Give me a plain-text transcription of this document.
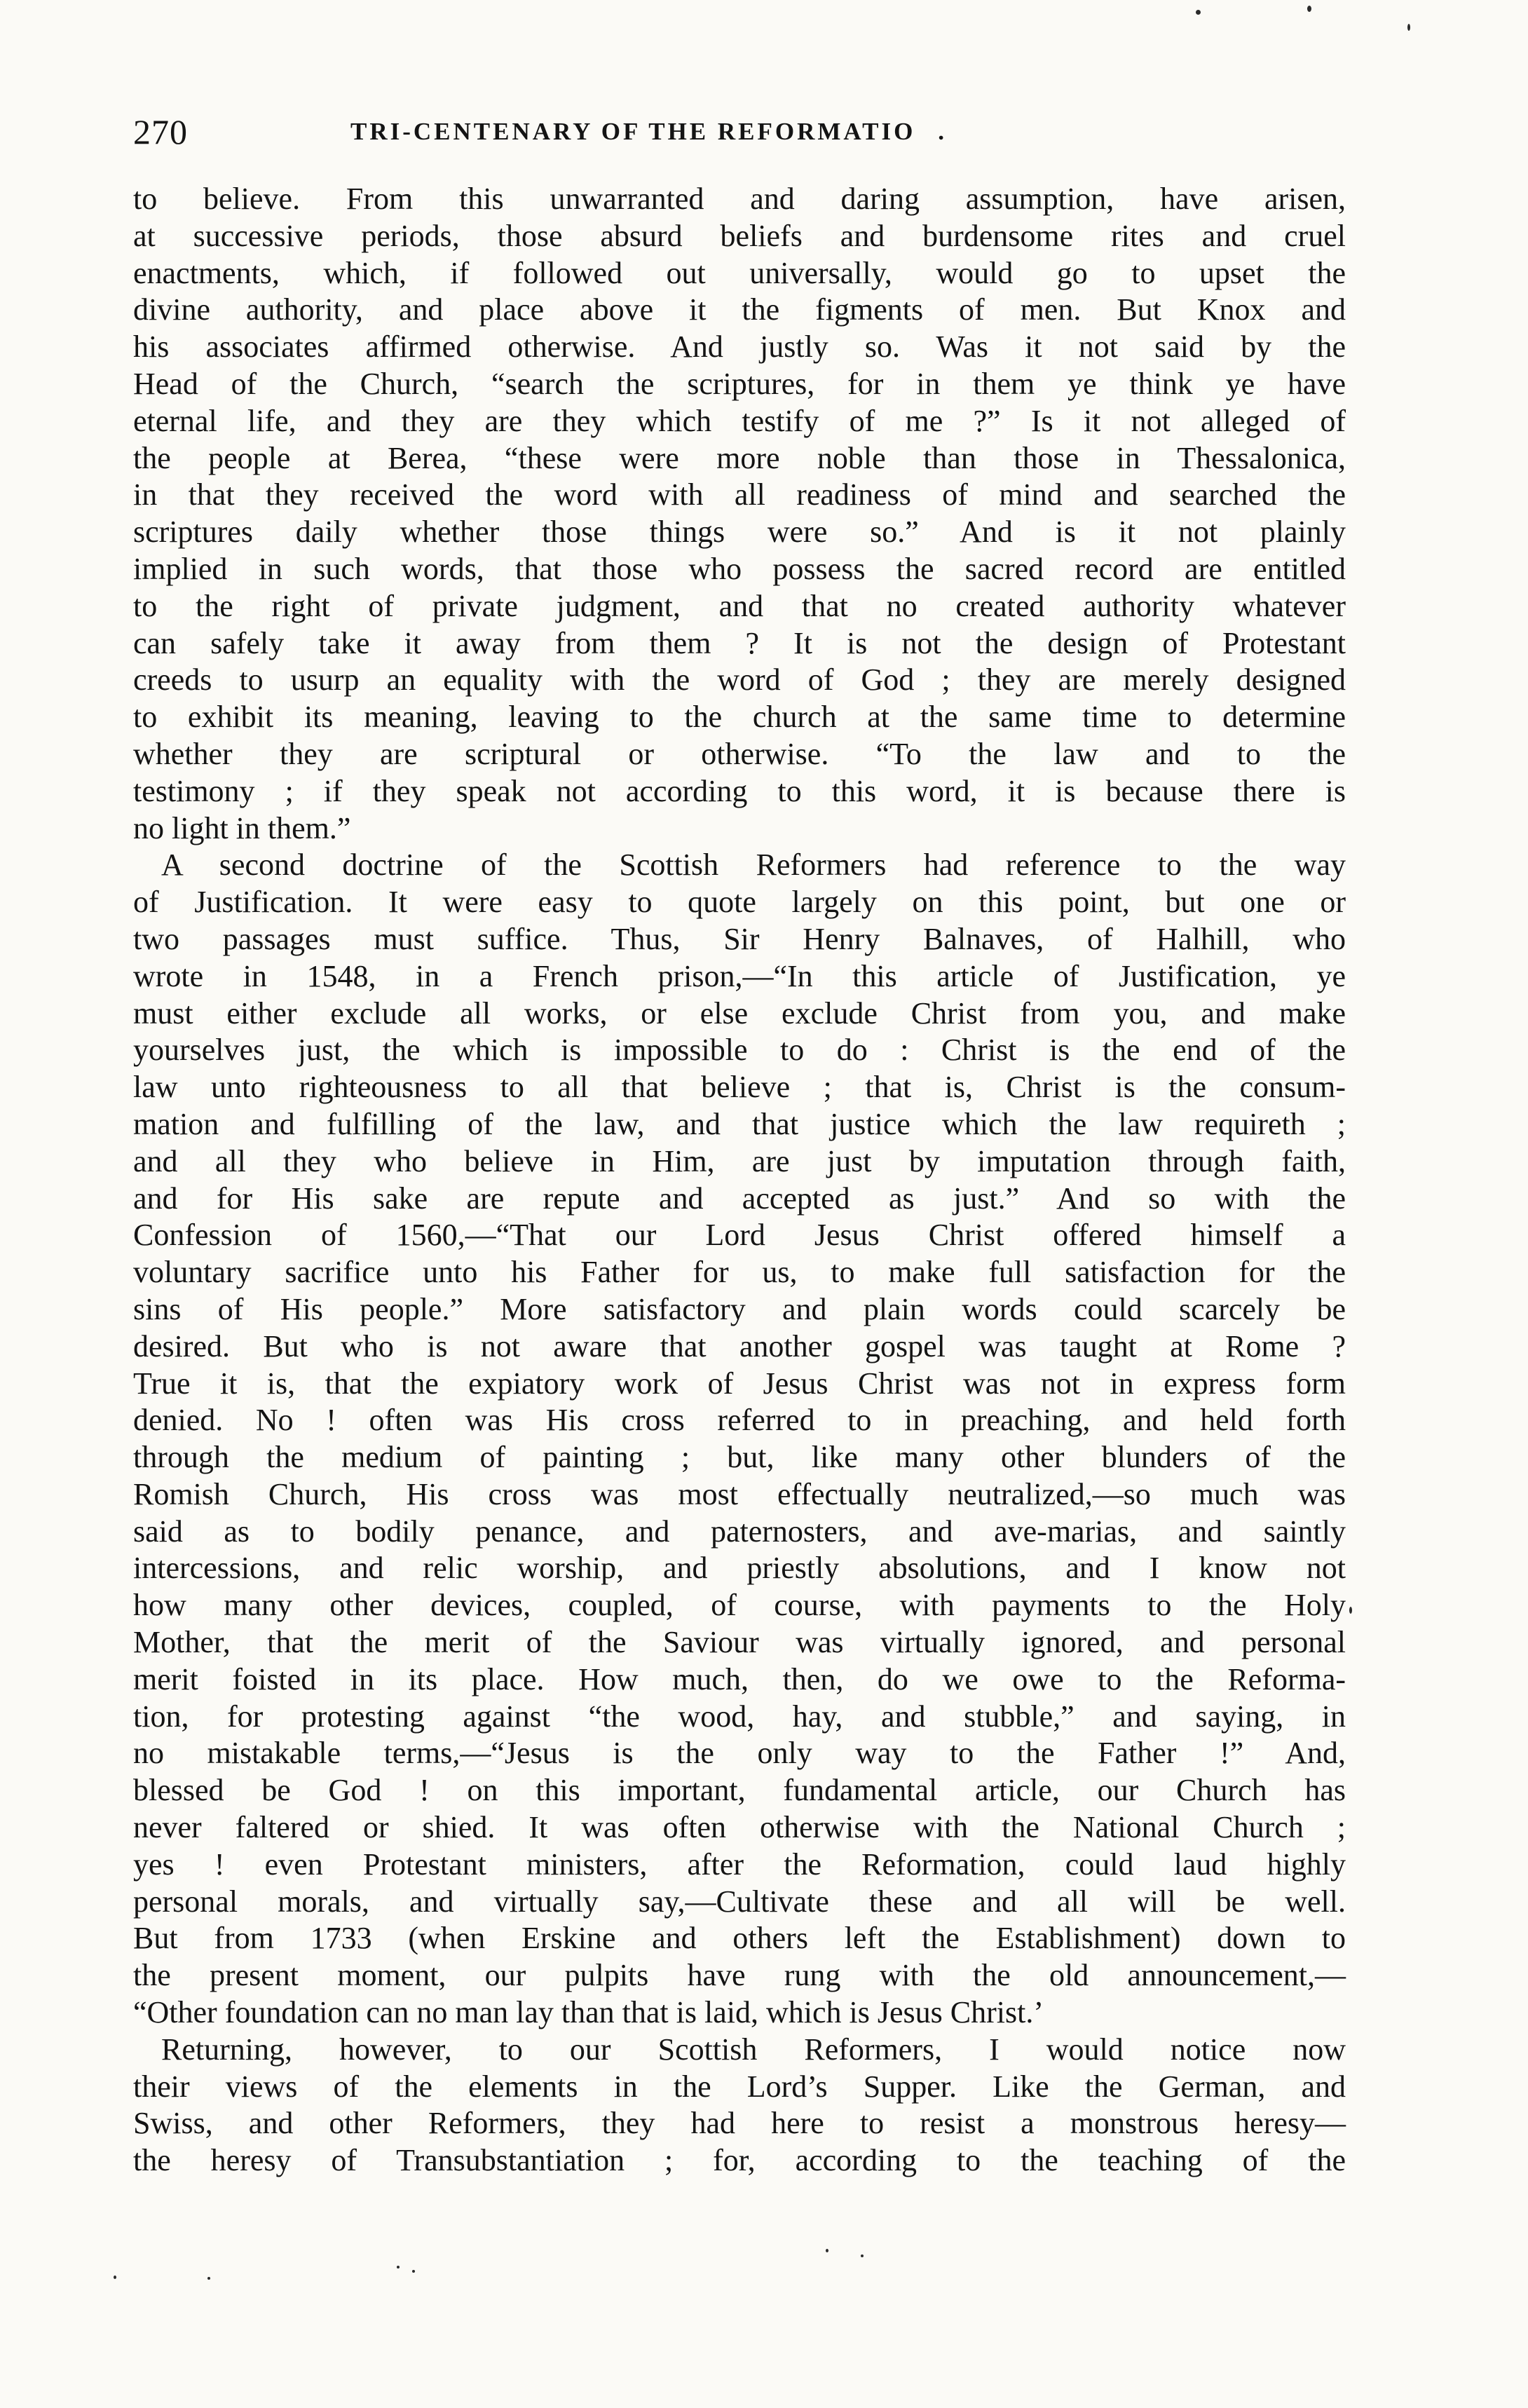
270	TRI-CENTENARY OF THE REFORMATIO.
to believe. From this unwarranted and daring assumption, have arisen,
at successive periods, those absurd beliefs and burdensome rites and cruel
enactments, which, if followed out universally, would go to upset the
divine authority, and place above it the figments of men. But Knox and
his associates affirmed otherwise. And justly so. Was it not said by the
Head of the Church, “search the scriptures, for in them ye think ye have
eternal life, and they are they which testify of me ?” Is it not alleged of
the people at Berea, “these were more noble than those in Thessalonica,
in that they received the word with all readiness of mind and searched the
scriptures daily whether those things were so.” And is it not plainly
implied in such words, that those who possess the sacred record are entitled
to the right of private judgment, and that no created authority whatever
can safely take it away from them ? It is not the design of Protestant
creeds to usurp an equality with the word of God ; they are merely designed
to exhibit its meaning, leaving to the church at the same time to determine
whether they are scriptural or otherwise. “To the law and to the
testimony ; if they speak not according to this word, it is because there is
no light in them.”
A second doctrine of the Scottish Reformers had reference to the way
of Justification. It were easy to quote largely on this point, but one or
two passages must suffice. Thus, Sir Henry Balnaves, of Halhill, who
wrote in 1548, in a French prison,—“In this article of Justification, ye
must either exclude all works, or else exclude Christ from you, and make
yourselves just, the which is impossible to do : Christ is the end of the
law unto righteousness to all that believe ; that is, Christ is the consum-
mation and fulfilling of the law, and that justice which the law requireth ;
and all they who believe in Him, are just by imputation through faith,
and for His sake are repute and accepted as just.” And so with the
Confession of 1560,—“That our Lord Jesus Christ offered himself a
voluntary sacrifice unto his Father for us, to make full satisfaction for the
sins of His people.” More satisfactory and plain words could scarcely be
desired. But who is not aware that another gospel was taught at Rome ?
True it is, that the expiatory work of Jesus Christ was not in express form
denied. No ! often was His cross referred to in preaching, and held forth
through the medium of painting ; but, like many other blunders of the
Romish Church, His cross was most effectually neutralized,—so much was
said as to bodily penance, and paternosters, and ave-marias, and saintly
intercessions, and relic worship, and priestly absolutions, and I know not
how many other devices, coupled, of course, with payments to the Holy
Mother, that the merit of the Saviour was virtually ignored, and personal
merit foisted in its place. How much, then, do we owe to the Reforma-
tion, for protesting against “the wood, hay, and stubble,” and saying, in
no mistakable terms,—“Jesus is the only way to the Father !” And,
blessed be God ! on this important, fundamental article, our Church has
never faltered or shied. It was often otherwise with the National Church ;
yes ! even Protestant ministers, after the Reformation, could laud highly
personal morals, and virtually say,—Cultivate these and all will be well.
But from 1733 (when Erskine and others left the Establishment) down to
the present moment, our pulpits have rung with the old announcement,—
“Other foundation can no man lay than that is laid, which is Jesus Christ.’
Returning, however, to our Scottish Reformers, I would notice now
their views of the elements in the Lord’s Supper. Like the German, and
Swiss, and other Reformers, they had here to resist a monstrous heresy—
the heresy of Transubstantiation ; for, according to the teaching of the
